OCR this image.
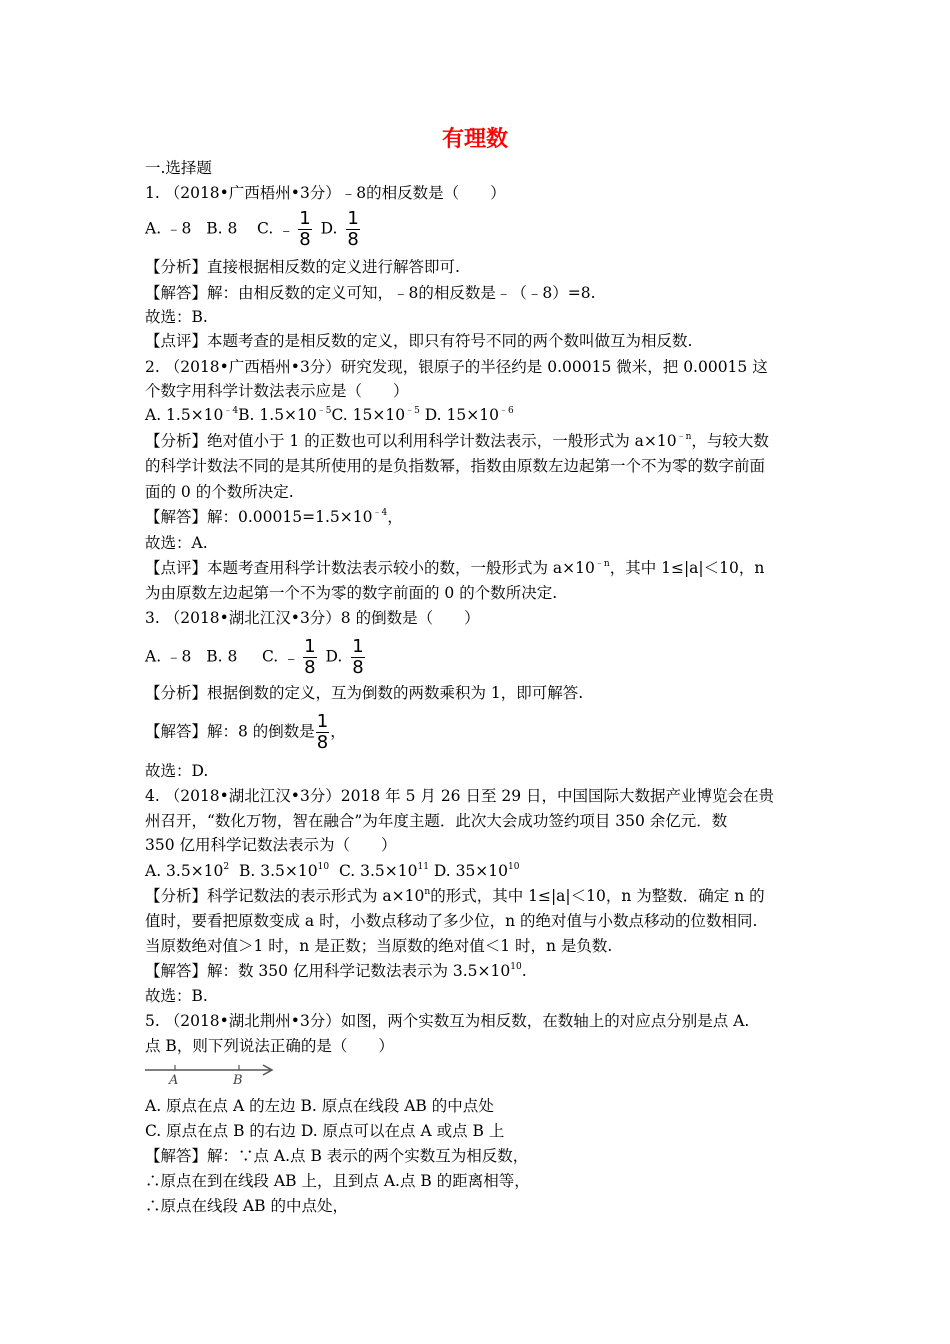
有理数
一.选择题
1. （2018•广西梧州•3分）﹣8的相反数是（　　）
A. ﹣8 B. 8 C. ﹣ $\frac{1}{8} D$. $\frac{1}{8}$
【分析】直接根据相反数的定义进行解答即可.
【解答】解：由相反数的定义可知，﹣8的相反数是﹣（﹣8）=8.
故选：B.
【点评】本题考查的是相反数的定义，即只有符号不同的两个数叫做互为相反数.
2. （2018•广西梧州•3分）研究发现，银原子的半径约是 0.00015 微米，把 0.00015 这
个数字用科学计数法表示应是（　　）
A. $1.5\times 10^{﹣4}B$. $1.5\times 10^{﹣5}C$. $15\times 10^{﹣5}$ D. $15\times 10^{﹣6}$
【分析】绝对值小于 1 的正数也可以利用科学计数法表示，一般形式为 $a\times 10^{﹣n}$，与较大数
的科学计数法不同的是其所使用的是负指数幂，指数由原数左边起第一个不为零的数字前面
面的 0 的个数所决定.
【解答】解：$0.00015=1.5\times 10^{﹣4}$，
故选：A.
【点评】本题考查用科学计数法表示较小的数，一般形式为 $a\times 10^{﹣n}$，其中 1≤|a|＜10，n
为由原数左边起第一个不为零的数字前面的 0 的个数所决定.
3. （2018•湖北江汉•3分）8 的倒数是（　　）
A. ﹣8 B. 8 C. ﹣ $\frac{1}{8} D$. $\frac{1}{8}$
【分析】根据倒数的定义，互为倒数的两数乘积为 1，即可解答.
【解答】解：8 的倒数是 $\frac{1}{8}$ ，
故选：D.
4. （2018•湖北江汉•3分）2018 年 5 月 26 日至 29 日，中国国际大数据产业博览会在贵
州召开，“数化万物，智在融合”为年度主题．此次大会成功签约项目 350 余亿元．数
350 亿用科学记数法表示为（　　）
A. $3.5\times 10^2$ B. $3.5\times 10^{10}$ C. $3.5\times 10^{11}$ D. $35\times 10^{10}$
【分析】科学记数法的表示形式为 $a\times 10^n$的形式，其中 1≤|a|＜10，n 为整数．确定 n 的
值时，要看把原数变成 a 时，小数点移动了多少位，n 的绝对值与小数点移动的位数相同.
当原数绝对值＞1 时，n 是正数；当原数的绝对值＜1 时，n 是负数.
【解答】解：数 350 亿用科学记数法表示为 $3.5\times 10^{10}$.
故选：B.
5. （2018•湖北荆州•3分）如图，两个实数互为相反数，在数轴上的对应点分别是点 A.
点 B，则下列说法正确的是（　　）
A	B
A. 原点在点 A 的左边 B. 原点在线段 AB 的中点处
C. 原点在点 B 的右边 D. 原点可以在点 A 或点 B 上
【解答】解：∵点 A.点 B 表示的两个实数互为相反数，
∴原点在到在线段 AB 上，且到点 A.点 B 的距离相等，
∴原点在线段 AB 的中点处，
